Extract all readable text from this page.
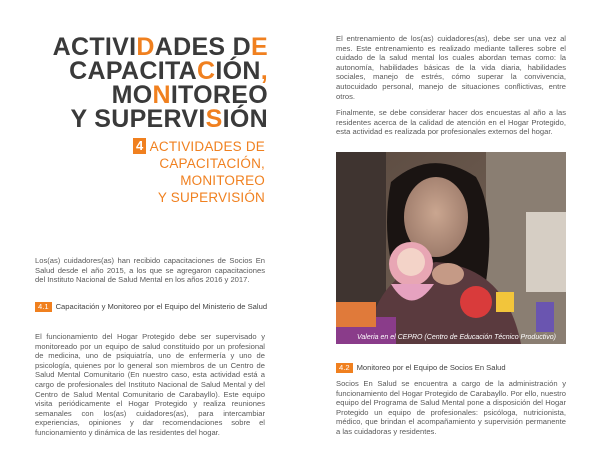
ACTIVIDADES DE
CAPACITACIÓN,
MONITOREO
Y SUPERVISIÓN
4 ACTIVIDADES DE
CAPACITACIÓN,
MONITOREO
Y SUPERVISIÓN
Los(as) cuidadores(as) han recibido capacitaciones de Socios En Salud desde el año 2015, a los que se agregaron capacitaciones del Instituto Nacional de Salud Mental en los años 2016 y 2017.
4.1 Capacitación y Monitoreo por el Equipo del Ministerio de Salud
El funcionamiento del Hogar Protegido debe ser supervisado y monitoreado por un equipo de salud constituido por un profesional de medicina, uno de psiquiatría, uno de enfermería y uno de psicología, quienes por lo general son miembros de un Centro de Salud Mental Comunitario (En nuestro caso, esta actividad está a cargo de profesionales del Instituto Nacional de Salud Mental y del Centro de Salud Mental Comunitario de Carabayllo). Este equipo visita periódicamente el Hogar Protegido y realiza reuniones semanales con los(as) cuidadores(as), para intercambiar experiencias, opiniones y dar recomendaciones sobre el funcionamiento y dinámica de las residentes del hogar.
El entrenamiento de los(as) cuidadores(as), debe ser una vez al mes. Este entrenamiento es realizado mediante talleres sobre el cuidado de la salud mental los cuales abordan temas como: la autonomía, habilidades básicas de la vida diaria, habilidades sociales, manejo de estrés, cómo superar la convivencia, autocuidado personal, manejo de situaciones conflictivas, entre otros.
Finalmente, se debe considerar hacer dos encuestas al año a las residentes acerca de la calidad de atención en el Hogar Protegido, esta actividad es realizada por profesionales externos del hogar.
Valeria en el CEPRO (Centro de Educación Técnico Productivo)
4.2 Monitoreo por el Equipo de Socios En Salud
Socios En Salud se encuentra a cargo de la administración y funcionamiento del Hogar Protegido de Carabayllo. Por ello, nuestro equipo del Programa de Salud Mental pone a disposición del Hogar Protegido un equipo de profesionales: psicóloga, nutricionista, médico, que brindan el acompañamiento y supervisión permanente a las cuidadoras y residentes.
